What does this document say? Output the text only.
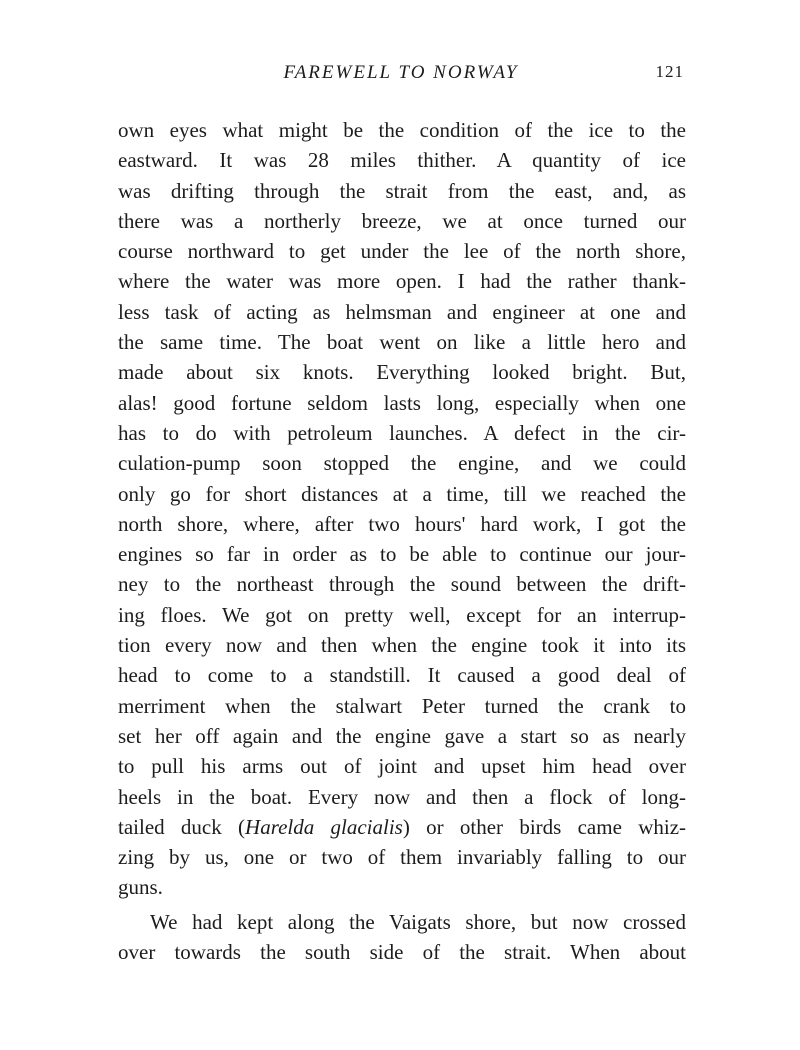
FAREWELL TO NORWAY	121
own eyes what might be the condition of the ice to the
eastward. It was 28 miles thither. A quantity of ice
was drifting through the strait from the east, and, as
there was a northerly breeze, we at once turned our
course northward to get under the lee of the north shore,
where the water was more open. I had the rather thank-
less task of acting as helmsman and engineer at one and
the same time. The boat went on like a little hero and
made about six knots. Everything looked bright. But,
alas! good fortune seldom lasts long, especially when one
has to do with petroleum launches. A defect in the cir-
culation-pump soon stopped the engine, and we could
only go for short distances at a time, till we reached the
north shore, where, after two hours' hard work, I got the
engines so far in order as to be able to continue our jour-
ney to the northeast through the sound between the drift-
ing floes. We got on pretty well, except for an interrup-
tion every now and then when the engine took it into its
head to come to a standstill. It caused a good deal of
merriment when the stalwart Peter turned the crank to
set her off again and the engine gave a start so as nearly
to pull his arms out of joint and upset him head over
heels in the boat. Every now and then a flock of long-
tailed duck (Harelda glacialis) or other birds came whiz-
zing by us, one or two of them invariably falling to our
guns.
We had kept along the Vaigats shore, but now crossed
over towards the south side of the strait. When about
